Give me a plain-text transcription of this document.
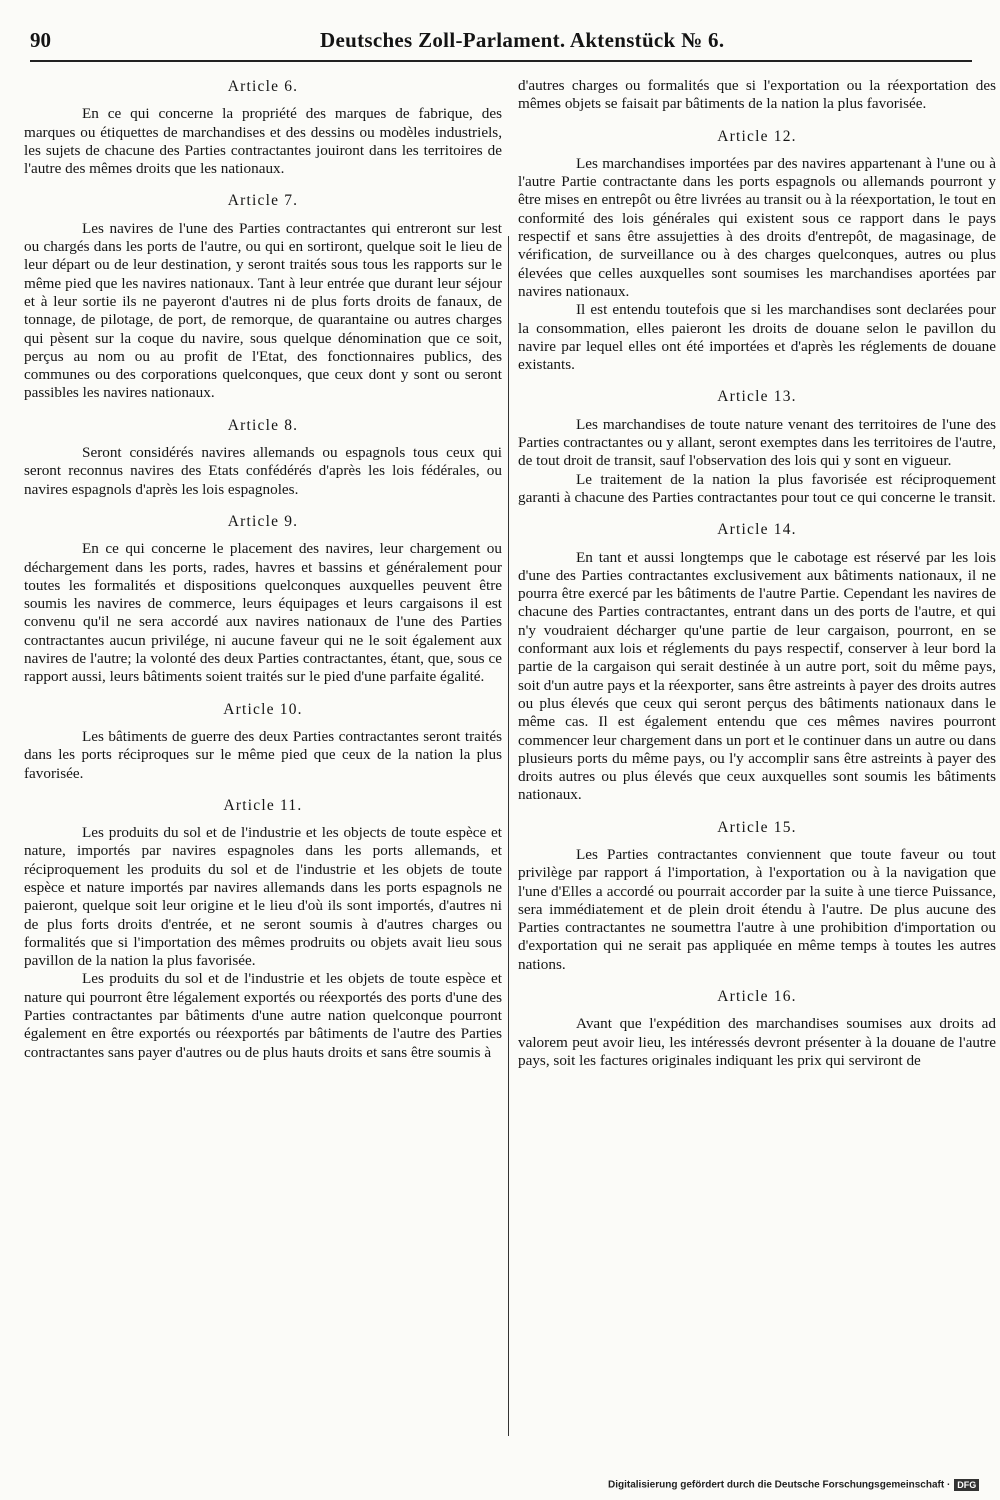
90	Deutsches Zoll-Parlament. Aktenstück № 6.
Article 6.

En ce qui concerne la propriété des marques de fabrique, des marques ou étiquettes de marchandises et des dessins ou modèles industriels, les sujets de chacune des Parties contractantes jouiront dans les territoires de l'autre des mêmes droits que les nationaux.

Article 7.

Les navires de l'une des Parties contractantes qui entreront sur lest ou chargés dans les ports de l'autre, ou qui en sortiront, quelque soit le lieu de leur départ ou de leur destination, y seront traités sous tous les rapports sur le même pied que les navires nationaux. Tant à leur entrée que durant leur séjour et à leur sortie ils ne payeront d'autres ni de plus forts droits de fanaux, de tonnage, de pilotage, de port, de remorque, de quarantaine ou autres charges qui pèsent sur la coque du navire, sous quelque dénomination que ce soit, perçus au nom ou au profit de l'Etat, des fonctionnaires publics, des communes ou des corporations quelconques, que ceux dont y sont ou seront passibles les navires nationaux.

Article 8.

Seront considérés navires allemands ou espagnols tous ceux qui seront reconnus navires des Etats confédérés d'après les lois fédérales, ou navires espagnols d'après les lois espagnoles.

Article 9.

En ce qui concerne le placement des navires, leur chargement ou déchargement dans les ports, rades, havres et bassins et généralement pour toutes les formalités et dispositions quelconques auxquelles peuvent être soumis les navires de commerce, leurs équipages et leurs cargaisons il est convenu qu'il ne sera accordé aux navires nationaux de l'une des Parties contractantes aucun privilége, ni aucune faveur qui ne le soit également aux navires de l'autre; la volonté des deux Parties contractantes, étant, que, sous ce rapport aussi, leurs bâtiments soient traités sur le pied d'une parfaite égalité.

Article 10.

Les bâtiments de guerre des deux Parties contractantes seront traités dans les ports réciproques sur le même pied que ceux de la nation la plus favorisée.

Article 11.

Les produits du sol et de l'industrie et les objects de toute espèce et nature, importés par navires espagnoles dans les ports allemands, et réciproquement les produits du sol et de l'industrie et les objets de toute espèce et nature importés par navires allemands dans les ports espagnols ne paieront, quelque soit leur origine et le lieu d'où ils sont importés, d'autres ni de plus forts droits d'entrée, et ne seront soumis à d'autres charges ou formalités que si l'importation des mêmes prodruits ou objets avait lieu sous pavillon de la nation la plus favorisée.

Les produits du sol et de l'industrie et les objets de toute espèce et nature qui pourront être légalement exportés ou réexportés des ports d'une des Parties contractantes par bâtiments d'une autre nation quelconque pourront également en être exportés ou réexportés par bâtiments de l'autre des Parties contractantes sans payer d'autres ou de plus hauts droits et sans être soumis à

d'autres charges ou formalités que si l'exportation ou la réexportation des mêmes objets se faisait par bâtiments de la nation la plus favorisée.

Article 12.

Les marchandises importées par des navires appartenant à l'une ou à l'autre Partie contractante dans les ports espagnols ou allemands pourront y être mises en entrepôt ou être livrées au transit ou à la réexportation, le tout en conformité des lois générales qui existent sous ce rapport dans le pays respectif et sans être assujetties à des droits d'entrepôt, de magasinage, de vérification, de surveillance ou à des charges quelconques, autres ou plus élevées que celles auxquelles sont soumises les marchandises aportées par navires nationaux.

Il est entendu toutefois que si les marchandises sont declarées pour la consommation, elles paieront les droits de douane selon le pavillon du navire par lequel elles ont été importées et d'après les réglements de douane existants.

Article 13.

Les marchandises de toute nature venant des territoires de l'une des Parties contractantes ou y allant, seront exemptes dans les territoires de l'autre, de tout droit de transit, sauf l'observation des lois qui y sont en vigueur.

Le traitement de la nation la plus favorisée est réciproquement garanti à chacune des Parties contractantes pour tout ce qui concerne le transit.

Article 14.

En tant et aussi longtemps que le cabotage est réservé par les lois d'une des Parties contractantes exclusivement aux bâtiments nationaux, il ne pourra être exercé par les bâtiments de l'autre Partie. Cependant les navires de chacune des Parties contractantes, entrant dans un des ports de l'autre, et qui n'y voudraient décharger qu'une partie de leur cargaison, pourront, en se conformant aux lois et réglements du pays respectif, conserver à leur bord la partie de la cargaison qui serait destinée à un autre port, soit du même pays, soit d'un autre pays et la réexporter, sans être astreints à payer des droits autres ou plus élevés que ceux qui seront perçus des bâtiments nationaux dans le même cas. Il est également entendu que ces mêmes navires pourront commencer leur chargement dans un port et le continuer dans un autre ou dans plusieurs ports du même pays, ou l'y accomplir sans être astreints à payer des droits autres ou plus élevés que ceux auxquelles sont soumis les bâtiments nationaux.

Article 15.

Les Parties contractantes conviennent que toute faveur ou tout privilège par rapport á l'importation, à l'exportation ou à la navigation que l'une d'Elles a accordé ou pourrait accorder par la suite à une tierce Puissance, sera immédiatement et de plein droit étendu à l'autre. De plus aucune des Parties contractantes ne soumettra l'autre à une prohibition d'importation ou d'exportation qui ne serait pas appliquée en même temps à toutes les autres nations.

Article 16.

Avant que l'expédition des marchandises soumises aux droits ad valorem peut avoir lieu, les intéressés devront présenter à la douane de l'autre pays, soit les factures originales indiquant les prix qui serviront de

Digitalisierung gefördert durch die Deutsche Forschungsgemeinschaft · DFG
